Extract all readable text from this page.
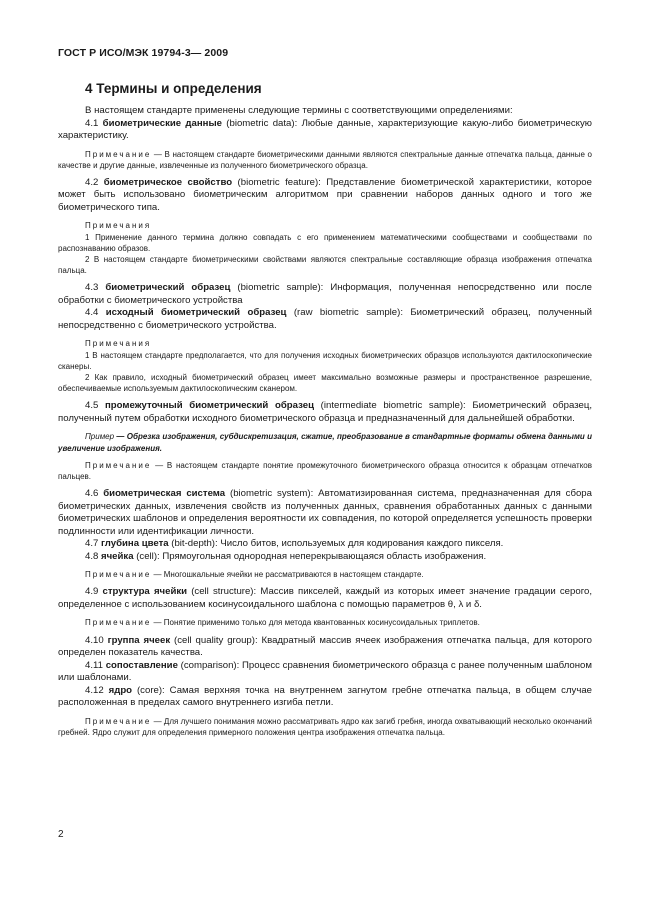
ГОСТ Р ИСО/МЭК 19794-3— 2009
4 Термины и определения

В настоящем стандарте применены следующие термины с соответствующими определениями:

4.1 биометрические данные (biometric data): Любые данные, характеризующие какую-либо биометрическую характеристику.

Примечание — В настоящем стандарте биометрическими данными являются спектральные данные отпечатка пальца, данные о качестве и другие данные, извлеченные из полученного биометрического образца.

4.2 биометрическое свойство (biometric feature): Представление биометрической характеристики, которое может быть использовано биометрическим алгоритмом при сравнении наборов данных одного и того же биометрического типа.

Примечания

1 Применение данного термина должно совпадать с его применением математическими сообществами и сообществами по распознаванию образов.

2 В настоящем стандарте биометрическими свойствами являются спектральные составляющие образца изображения отпечатка пальца.

4.3 биометрический образец (biometric sample): Информация, полученная непосредственно или после обработки с биометрического устройства

4.4 исходный биометрический образец (raw biometric sample): Биометрический образец, полученный непосредственно с биометрического устройства.

Примечания

1 В настоящем стандарте предполагается, что для получения исходных биометрических образцов используются дактилоскопические сканеры.

2 Как правило, исходный биометрический образец имеет максимально возможные размеры и пространственное разрешение, обеспечиваемые используемым дактилоскопическим сканером.

4.5 промежуточный биометрический образец (intermediate biometric sample): Биометрический образец, полученный путем обработки исходного биометрического образца и предназначенный для дальнейшей обработки.

Пример — Обрезка изображения, субдискретизация, сжатие, преобразование в стандартные форматы обмена данными и увеличение изображения.

Примечание — В настоящем стандарте понятие промежуточного биометрического образца относится к образцам отпечатков пальцев.

4.6 биометрическая система (biometric system): Автоматизированная система, предназначенная для сбора биометрических данных, извлечения свойств из полученных данных, сравнения обработанных данных с данными биометрических шаблонов и определения вероятности их совпадения, по которой определяется успешность проверки подлинности или идентификации личности.

4.7 глубина цвета (bit-depth): Число битов, используемых для кодирования каждого пикселя.

4.8 ячейка (cell): Прямоугольная однородная неперекрывающаяся область изображения.

Примечание — Многошкальные ячейки не рассматриваются в настоящем стандарте.

4.9 структура ячейки (cell structure): Массив пикселей, каждый из которых имеет значение градации серого, определенное с использованием косинусоидального шаблона с помощью параметров θ, λ и δ.

Примечание — Понятие применимо только для метода квантованных косинусоидальных триплетов.

4.10 группа ячеек (cell quality group): Квадратный массив ячеек изображения отпечатка пальца, для которого определен показатель качества.

4.11 сопоставление (comparison): Процесс сравнения биометрического образца с ранее полученным шаблоном или шаблонами.

4.12 ядро (core): Самая верхняя точка на внутреннем загнутом гребне отпечатка пальца, в общем случае расположенная в пределах самого внутреннего изгиба петли.

Примечание — Для лучшего понимания можно рассматривать ядро как загиб гребня, иногда охватывающий несколько окончаний гребней. Ядро служит для определения примерного положения центра изображения отпечатка пальца.

2
